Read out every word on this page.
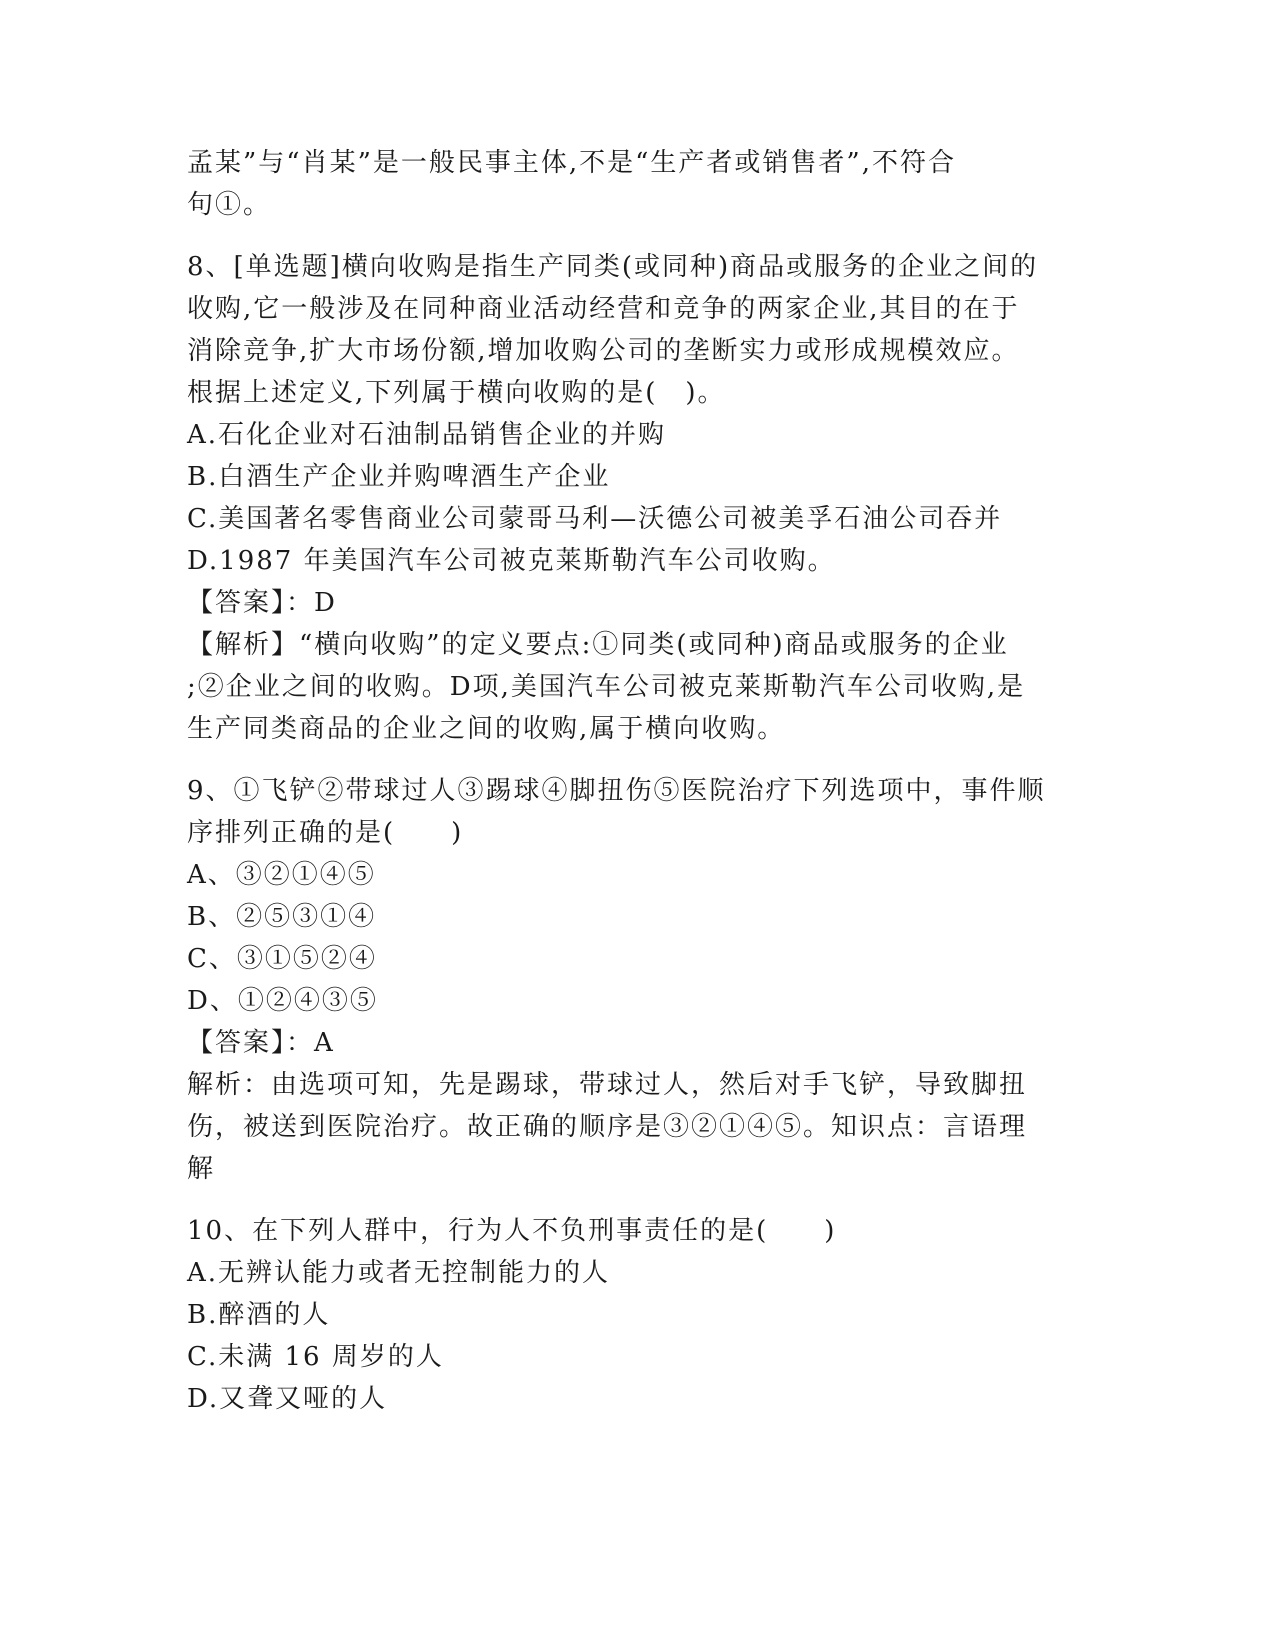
孟某”与“肖某”是一般民事主体,不是“生产者或销售者”,不符合
句①。
8、[单选题]横向收购是指生产同类(或同种)商品或服务的企业之间的
收购,它一般涉及在同种商业活动经营和竞争的两家企业,其目的在于
消除竞争,扩大市场份额,增加收购公司的垄断实力或形成规模效应。
根据上述定义,下列属于横向收购的是(　)。
A.石化企业对石油制品销售企业的并购
B.白酒生产企业并购啤酒生产企业
C.美国著名零售商业公司蒙哥马利—沃德公司被美孚石油公司吞并
D.1987 年美国汽车公司被克莱斯勒汽车公司收购。
【答案】：D
【解析】“横向收购”的定义要点:①同类(或同种)商品或服务的企业
;②企业之间的收购。D项,美国汽车公司被克莱斯勒汽车公司收购,是
生产同类商品的企业之间的收购,属于横向收购。
9、①飞铲②带球过人③踢球④脚扭伤⑤医院治疗下列选项中，事件顺
序排列正确的是(　　)
A、③②①④⑤
B、②⑤③①④
C、③①⑤②④
D、①②④③⑤
【答案】：A
解析：由选项可知，先是踢球，带球过人，然后对手飞铲，导致脚扭
伤，被送到医院治疗。故正确的顺序是③②①④⑤。知识点：言语理
解
10、在下列人群中，行为人不负刑事责任的是(　　)
A.无辨认能力或者无控制能力的人
B.醉酒的人
C.未满 16 周岁的人
D.又聋又哑的人
